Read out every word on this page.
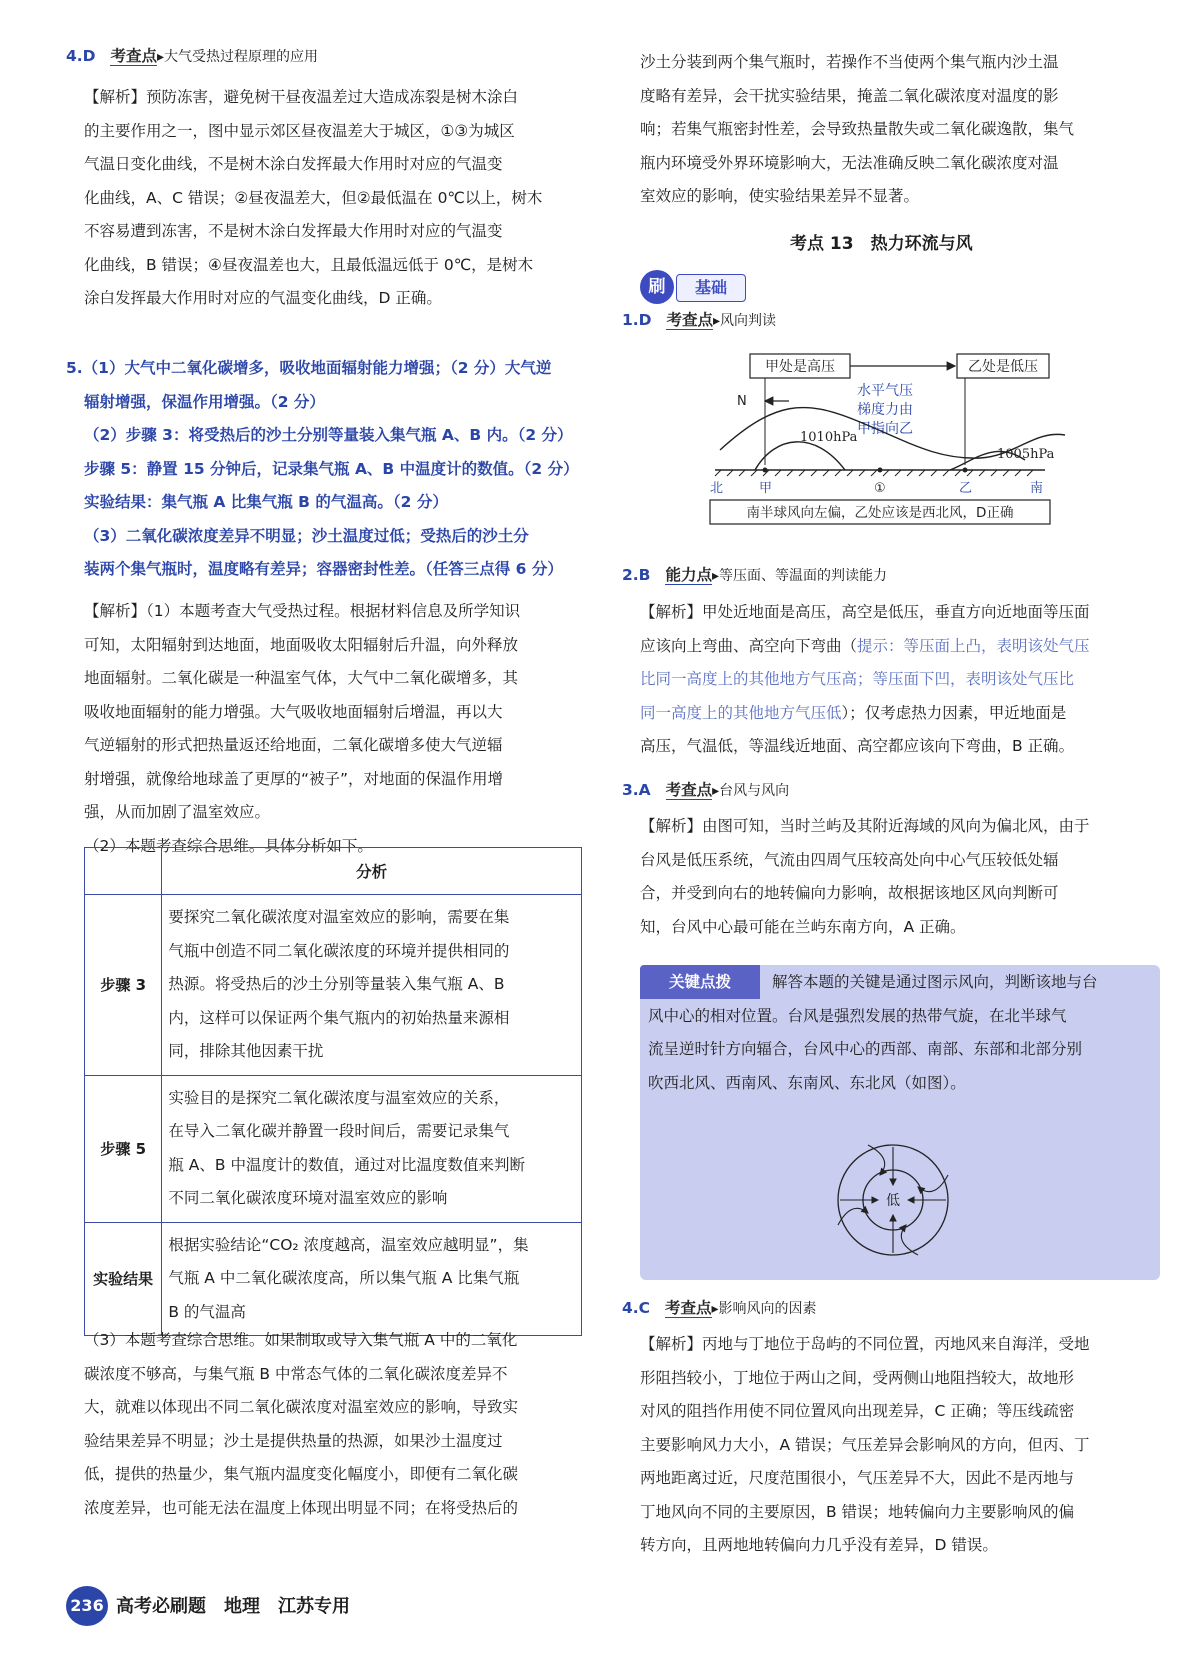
4.D 考查点▸大气受热过程原理的应用
【解析】预防冻害，避免树干昼夜温差过大造成冻裂是树木涂白
的主要作用之一，图中显示郊区昼夜温差大于城区，①③为城区
气温日变化曲线，不是树木涂白发挥最大作用时对应的气温变
化曲线，A、C 错误；②昼夜温差大，但②最低温在 0℃以上，树木
不容易遭到冻害，不是树木涂白发挥最大作用时对应的气温变
化曲线，B 错误；④昼夜温差也大，且最低温远低于 0℃，是树木
涂白发挥最大作用时对应的气温变化曲线，D 正确。
5.（1）大气中二氧化碳增多，吸收地面辐射能力增强；（2 分）大气逆
辐射增强，保温作用增强。（2 分）
（2）步骤 3：将受热后的沙土分别等量装入集气瓶 A、B 内。（2 分）
步骤 5：静置 15 分钟后，记录集气瓶 A、B 中温度计的数值。（2 分）
实验结果：集气瓶 A 比集气瓶 B 的气温高。（2 分）
（3）二氧化碳浓度差异不明显；沙土温度过低；受热后的沙土分
装两个集气瓶时，温度略有差异；容器密封性差。（任答三点得 6 分）
【解析】（1）本题考查大气受热过程。根据材料信息及所学知识
可知，太阳辐射到达地面，地面吸收太阳辐射后升温，向外释放
地面辐射。二氧化碳是一种温室气体，大气中二氧化碳增多，其
吸收地面辐射的能力增强。大气吸收地面辐射后增温，再以大
气逆辐射的形式把热量返还给地面，二氧化碳增多使大气逆辐
射增强，就像给地球盖了更厚的“被子”，对地面的保温作用增
强，从而加剧了温室效应。
（2）本题考查综合思维。具体分析如下。
	分析
步骤 3	要探究二氧化碳浓度对温室效应的影响，需要在集
气瓶中创造不同二氧化碳浓度的环境并提供相同的
热源。将受热后的沙土分别等量装入集气瓶 A、B
内，这样可以保证两个集气瓶内的初始热量来源相
同，排除其他因素干扰

步骤 5	实验目的是探究二氧化碳浓度与温室效应的关系，
在导入二氧化碳并静置一段时间后，需要记录集气
瓶 A、B 中温度计的数值，通过对比温度数值来判断
不同二氧化碳浓度环境对温室效应的影响

实验结果	根据实验结论“CO₂ 浓度越高，温室效应越明显”，集
气瓶 A 中二氧化碳浓度高，所以集气瓶 A 比集气瓶
B 的气温高
（3）本题考查综合思维。如果制取或导入集气瓶 A 中的二氧化
碳浓度不够高，与集气瓶 B 中常态气体的二氧化碳浓度差异不
大，就难以体现出不同二氧化碳浓度对温室效应的影响，导致实
验结果差异不明显；沙土是提供热量的热源，如果沙土温度过
低，提供的热量少，集气瓶内温度变化幅度小，即便有二氧化碳
浓度差异，也可能无法在温度上体现出明显不同；在将受热后的
沙土分装到两个集气瓶时，若操作不当使两个集气瓶内沙土温
度略有差异，会干扰实验结果，掩盖二氧化碳浓度对温度的影
响；若集气瓶密封性差，会导致热量散失或二氧化碳逸散，集气
瓶内环境受外界环境影响大，无法准确反映二氧化碳浓度对温
室效应的影响，使实验结果差异不显著。
考点 13　热力环流与风
刷	基础
1.D 考查点▸风向判读
甲处是高压	乙处是低压
水平气压
梯度力由
甲指向乙
N
1010hPa
1005hPa
北	甲	①	乙	南
南半球风向左偏，乙处应该是西北风，D正确
2.B 能力点▸等压面、等温面的判读能力
【解析】甲处近地面是高压，高空是低压，垂直方向近地面等压面
应该向上弯曲、高空向下弯曲（提示：等压面上凸，表明该处气压
比同一高度上的其他地方气压高；等压面下凹，表明该处气压比
同一高度上的其他地方气压低）；仅考虑热力因素，甲近地面是
高压，气温低，等温线近地面、高空都应该向下弯曲，B 正确。
3.A 考查点▸台风与风向
【解析】由图可知，当时兰屿及其附近海域的风向为偏北风，由于
台风是低压系统，气流由四周气压较高处向中心气压较低处辐
合，并受到向右的地转偏向力影响，故根据该地区风向判断可
知，台风中心最可能在兰屿东南方向，A 正确。
关键点拨	解答本题的关键是通过图示风向，判断该地与台
风中心的相对位置。台风是强烈发展的热带气旋，在北半球气
流呈逆时针方向辐合，台风中心的西部、南部、东部和北部分别
吹西北风、西南风、东南风、东北风（如图）。
低
4.C 考查点▸影响风向的因素
【解析】丙地与丁地位于岛屿的不同位置，丙地风来自海洋，受地
形阻挡较小，丁地位于两山之间，受两侧山地阻挡较大，故地形
对风的阻挡作用使不同位置风向出现差异，C 正确；等压线疏密
主要影响风力大小，A 错误；气压差异会影响风的方向，但丙、丁
两地距离过近，尺度范围很小，气压差异不大，因此不是丙地与
丁地风向不同的主要原因，B 错误；地转偏向力主要影响风的偏
转方向，且两地地转偏向力几乎没有差异，D 错误。
236 高考必刷题　地理　江苏专用
